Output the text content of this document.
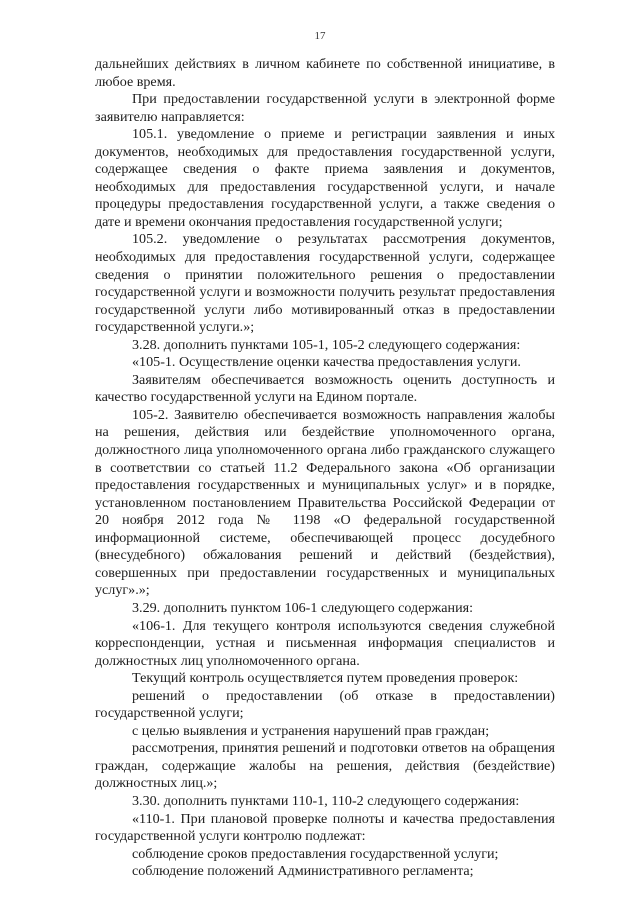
17

дальнейших действиях в личном кабинете по собственной инициативе, в любое время.

При предоставлении государственной услуги в электронной форме заявителю направляется:

105.1. уведомление о приеме и регистрации заявления и иных документов, необходимых для предоставления государственной услуги, содержащее сведения о факте приема заявления и документов, необходимых для предоставления государственной услуги, и начале процедуры предоставления государственной услуги, а также сведения о дате и времени окончания предоставления государственной услуги;

105.2. уведомление о результатах рассмотрения документов, необходимых для предоставления государственной услуги, содержащее сведения о принятии положительного решения о предоставлении государственной услуги и возможности получить результат предоставления государственной услуги либо мотивированный отказ в предоставлении государственной услуги.»;

3.28. дополнить пунктами 105-1, 105-2 следующего содержания:

«105-1. Осуществление оценки качества предоставления услуги.

Заявителям обеспечивается возможность оценить доступность и качество государственной услуги на Едином портале.

105-2. Заявителю обеспечивается возможность направления жалобы на решения, действия или бездействие уполномоченного органа, должностного лица уполномоченного органа либо гражданского служащего в соответствии со статьей 11.2 Федерального закона «Об организации предоставления государственных и муниципальных услуг» и в порядке, установленном постановлением Правительства Российской Федерации от 20 ноября 2012 года № 1198 «О федеральной государственной информационной системе, обеспечивающей процесс досудебного (внесудебного) обжалования решений и действий (бездействия), совершенных при предоставлении государственных и муниципальных услуг».»;

3.29. дополнить пунктом 106-1 следующего содержания:

«106-1. Для текущего контроля используются сведения служебной корреспонденции, устная и письменная информация специалистов и должностных лиц уполномоченного органа.

Текущий контроль осуществляется путем проведения проверок:

решений о предоставлении (об отказе в предоставлении) государственной услуги;

с целью выявления и устранения нарушений прав граждан;

рассмотрения, принятия решений и подготовки ответов на обращения граждан, содержащие жалобы на решения, действия (бездействие) должностных лиц.»;

3.30. дополнить пунктами 110-1, 110-2 следующего содержания:

«110-1. При плановой проверке полноты и качества предоставления государственной услуги контролю подлежат:

соблюдение сроков предоставления государственной услуги;

соблюдение положений Административного регламента;
